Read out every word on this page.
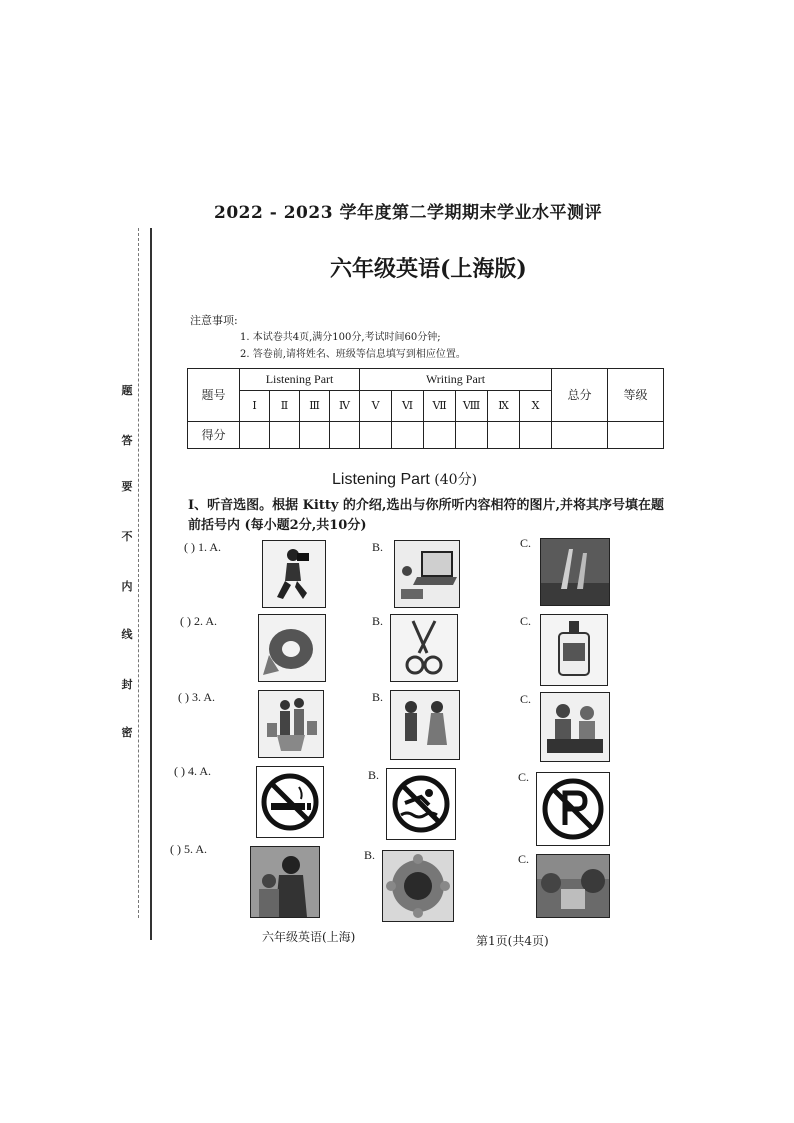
题
答
要
不
内
线
封
密
2022 - 2023 学年度第二学期期末学业水平测评
六年级英语(上海版)
注意事项:
1. 本试卷共4页,满分100分,考试时间60分钟;
2. 答卷前,请将姓名、班级等信息填写到相应位置。
题号	Listening Part				Writing Part						总分	等级
	Ⅰ	Ⅱ	Ⅲ	Ⅳ	Ⅴ	Ⅵ	Ⅶ	Ⅷ	Ⅸ	Ⅹ		
得分												
Listening Part (40分)
Ⅰ、听音选图。根据 Kitty 的介绍,选出与你所听内容相符的图片,并将其序号填在题前括号内 (每小题2分,共10分)
( ) 1. A.	B.	C.
( ) 2. A.	B.	C.
( ) 3. A.	B.	C.
( ) 4. A.	B.	C.
( ) 5. A.	B.	C.
六年级英语(上海)	第1页(共4页)
